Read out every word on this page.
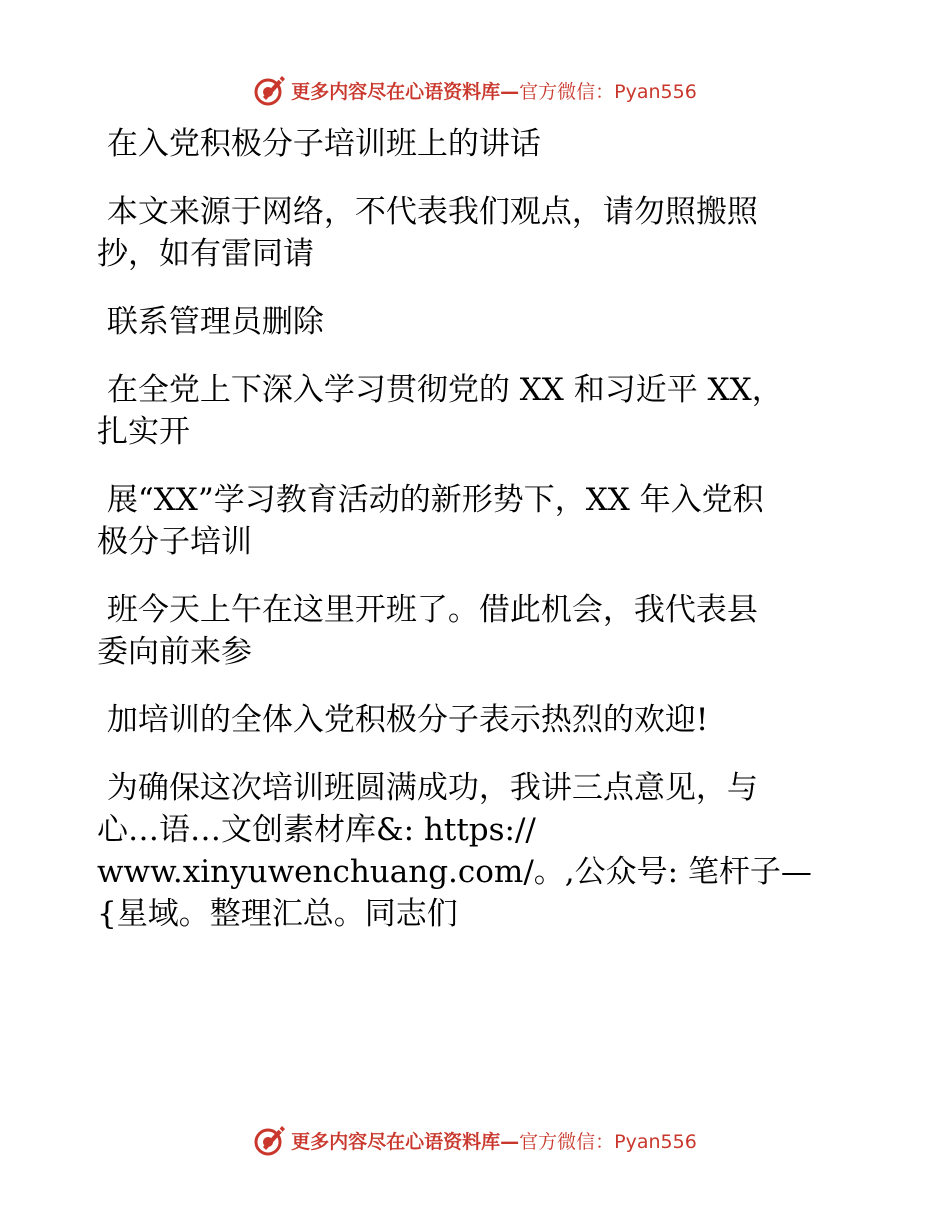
更多内容尽在心语资料库—官方微信：Pyan556
在入党积极分子培训班上的讲话
本文来源于网络，不代表我们观点，请勿照搬照
抄，如有雷同请
联系管理员删除
在全党上下深入学习贯彻党的 XX 和习近平 XX，
扎实开
展“XX”学习教育活动的新形势下，XX 年入党积
极分子培训
班今天上午在这里开班了。借此机会，我代表县
委向前来参
加培训的全体入党积极分子表示热烈的欢迎!
为确保这次培训班圆满成功，我讲三点意见，与
心…语…文创素材库&: https://
www.xinyuwenchuang.com/。,公众号: 笔杆子—
{星域。整理汇总。同志们
更多内容尽在心语资料库—官方微信：Pyan556
